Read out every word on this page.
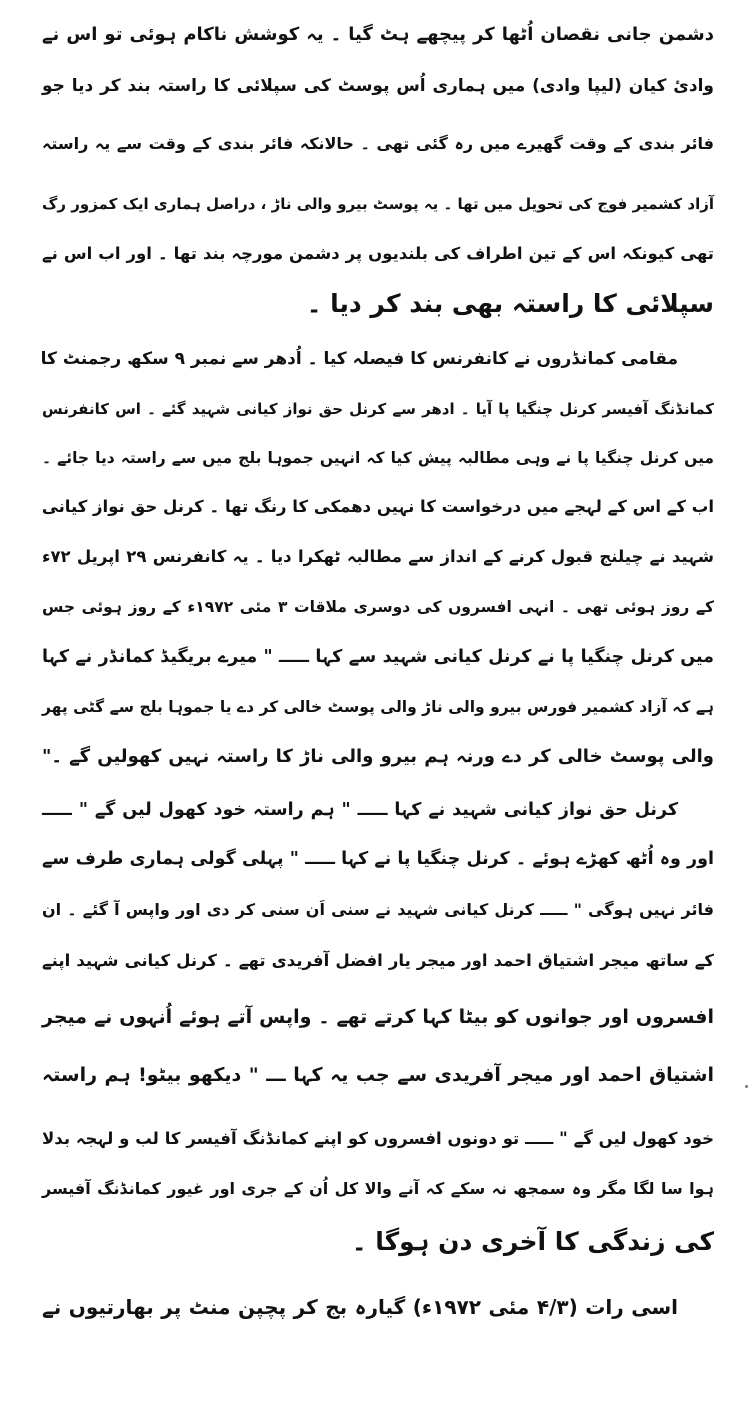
دشمن جانی نقصان اُٹھا کر پیچھے ہٹ گیا ۔ یہ کوشش ناکام ہوئی تو اس نے
وادیٔ کیان (لیپا وادی) میں ہماری اُس پوسٹ کی سپلائی کا راستہ بند کر دیا جو
فائر بندی کے وقت گھیرے میں رہ گئی تھی ۔ حالانکہ فائر بندی کے وقت سے یہ راستہ
آزاد کشمیر فوج کی تحویل میں تھا ۔ یہ پوسٹ بیرو والی ناڑ ، دراصل ہماری ایک کمزور رگ
تھی کیونکہ اس کے تین اطراف کی بلندیوں پر دشمن مورچہ بند تھا ۔ اور اب اس نے
سپلائی کا راستہ بھی بند کر دیا ۔
مقامی کمانڈروں نے کانفرنس کا فیصلہ کیا ۔ اُدھر سے نمبر ۹ سکھ رجمنٹ کا
کمانڈنگ آفیسر کرنل چنگیا پا آیا ۔ ادھر سے کرنل حق نواز کیانی شہید گئے ۔ اس کانفرنس
میں کرنل چنگیا پا نے وہی مطالبہ پیش کیا کہ انہیں جموہا بلج میں سے راستہ دیا جائے ۔
اب کے اس کے لہجے میں درخواست کا نہیں دھمکی کا رنگ تھا ۔ کرنل حق نواز کیانی
شہید نے چیلنج قبول کرنے کے انداز سے مطالبہ ٹھکرا دیا ۔ یہ کانفرنس ۲۹ اپریل ۷۲ء
کے روز ہوئی تھی ۔ انہی افسروں کی دوسری ملاقات ۳ مئی ۱۹۷۲ء کے روز ہوئی جس
میں کرنل چنگیا پا نے کرنل کیانی شہید سے کہا ـــــ " میرے بریگیڈ کمانڈر نے کہا
ہے کہ آزاد کشمیر فورس بیرو والی ناڑ والی پوسٹ خالی کر دے یا جموہا بلج سے گٹی پھر
والی پوسٹ خالی کر دے ورنہ ہم بیرو والی ناڑ کا راستہ نہیں کھولیں گے ۔"
کرنل حق نواز کیانی شہید نے کہا ـــــ " ہم راستہ خود کھول لیں گے " ـــــ
اور وہ اُٹھ کھڑے ہوئے ۔ کرنل چنگیا پا نے کہا ـــــ " پہلی گولی ہماری طرف سے
فائر نہیں ہوگی " ـــــ کرنل کیانی شہید نے سنی اَن سنی کر دی اور واپس آ گئے ۔ ان
کے ساتھ میجر اشتیاق احمد اور میجر یار افضل آفریدی تھے ۔ کرنل کیانی شہید اپنے
افسروں اور جوانوں کو بیٹا کہا کرتے تھے ۔ واپس آتے ہوئے اُنہوں نے میجر
اشتیاق احمد اور میجر آفریدی سے جب یہ کہا ـــ " دیکھو بیٹو! ہم راستہ
خود کھول لیں گے " ـــــ تو دونوں افسروں کو اپنے کمانڈنگ آفیسر کا لب و لہجہ بدلا
ہوا سا لگا مگر وہ سمجھ نہ سکے کہ آنے والا کل اُن کے جری اور غیور کمانڈنگ آفیسر
کی زندگی کا آخری دن ہوگا ۔
اسی رات (۴/۳ مئی ۱۹۷۲ء) گیارہ بج کر پچپن منٹ پر بھارتیوں نے
